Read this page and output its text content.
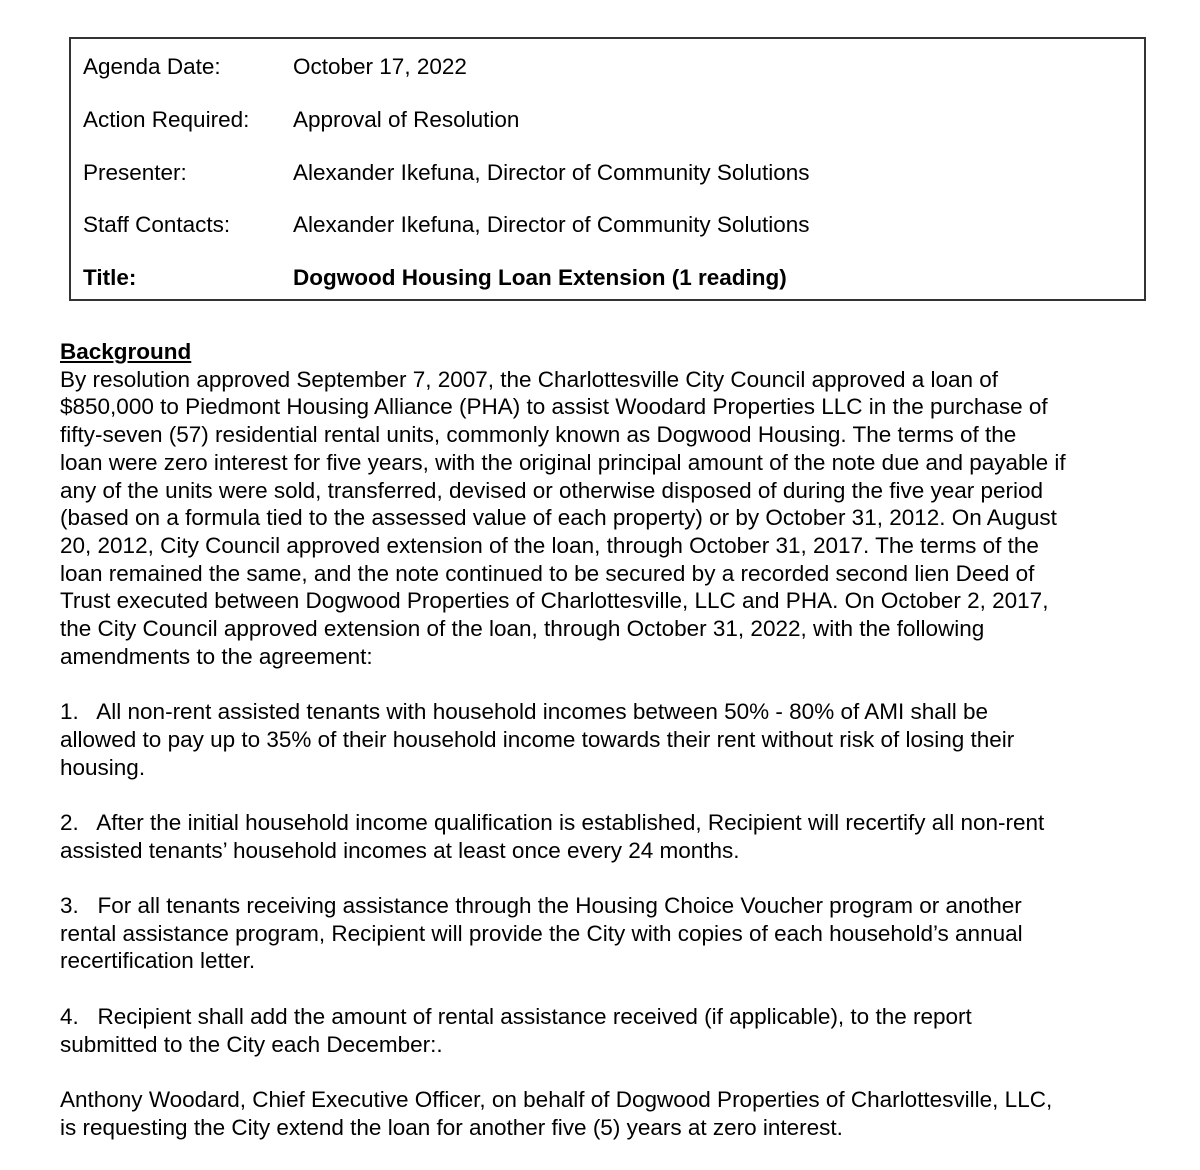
Agenda Date:	October 17, 2022
Action Required: Approval of Resolution
Presenter:	Alexander Ikefuna, Director of Community Solutions
Staff Contacts:	Alexander Ikefuna, Director of Community Solutions
Title:	Dogwood Housing Loan Extension (1 reading)
Background
By resolution approved September 7, 2007, the Charlottesville City Council approved a loan of
$850,000 to Piedmont Housing Alliance (PHA) to assist Woodard Properties LLC in the purchase of
fifty-seven (57) residential rental units, commonly known as Dogwood Housing. The terms of the
loan were zero interest for five years, with the original principal amount of the note due and payable if
any of the units were sold, transferred, devised or otherwise disposed of during the five year period
(based on a formula tied to the assessed value of each property) or by October 31, 2012. On August
20, 2012, City Council approved extension of the loan, through October 31, 2017. The terms of the
loan remained the same, and the note continued to be secured by a recorded second lien Deed of
Trust executed between Dogwood Properties of Charlottesville, LLC and PHA. On October 2, 2017,
the City Council approved extension of the loan, through October 31, 2022, with the following
amendments to the agreement:
1.   All non-rent assisted tenants with household incomes between 50% - 80% of AMI shall be
allowed to pay up to 35% of their household income towards their rent without risk of losing their
housing.
2.   After the initial household income qualification is established, Recipient will recertify all non-rent
assisted tenants’ household incomes at least once every 24 months.
3.   For all tenants receiving assistance through the Housing Choice Voucher program or another
rental assistance program, Recipient will provide the City with copies of each household’s annual
recertification letter.
4.   Recipient shall add the amount of rental assistance received (if applicable), to the report
submitted to the City each December:.
Anthony Woodard, Chief Executive Officer, on behalf of Dogwood Properties of Charlottesville, LLC,
is requesting the City extend the loan for another five (5) years at zero interest.
